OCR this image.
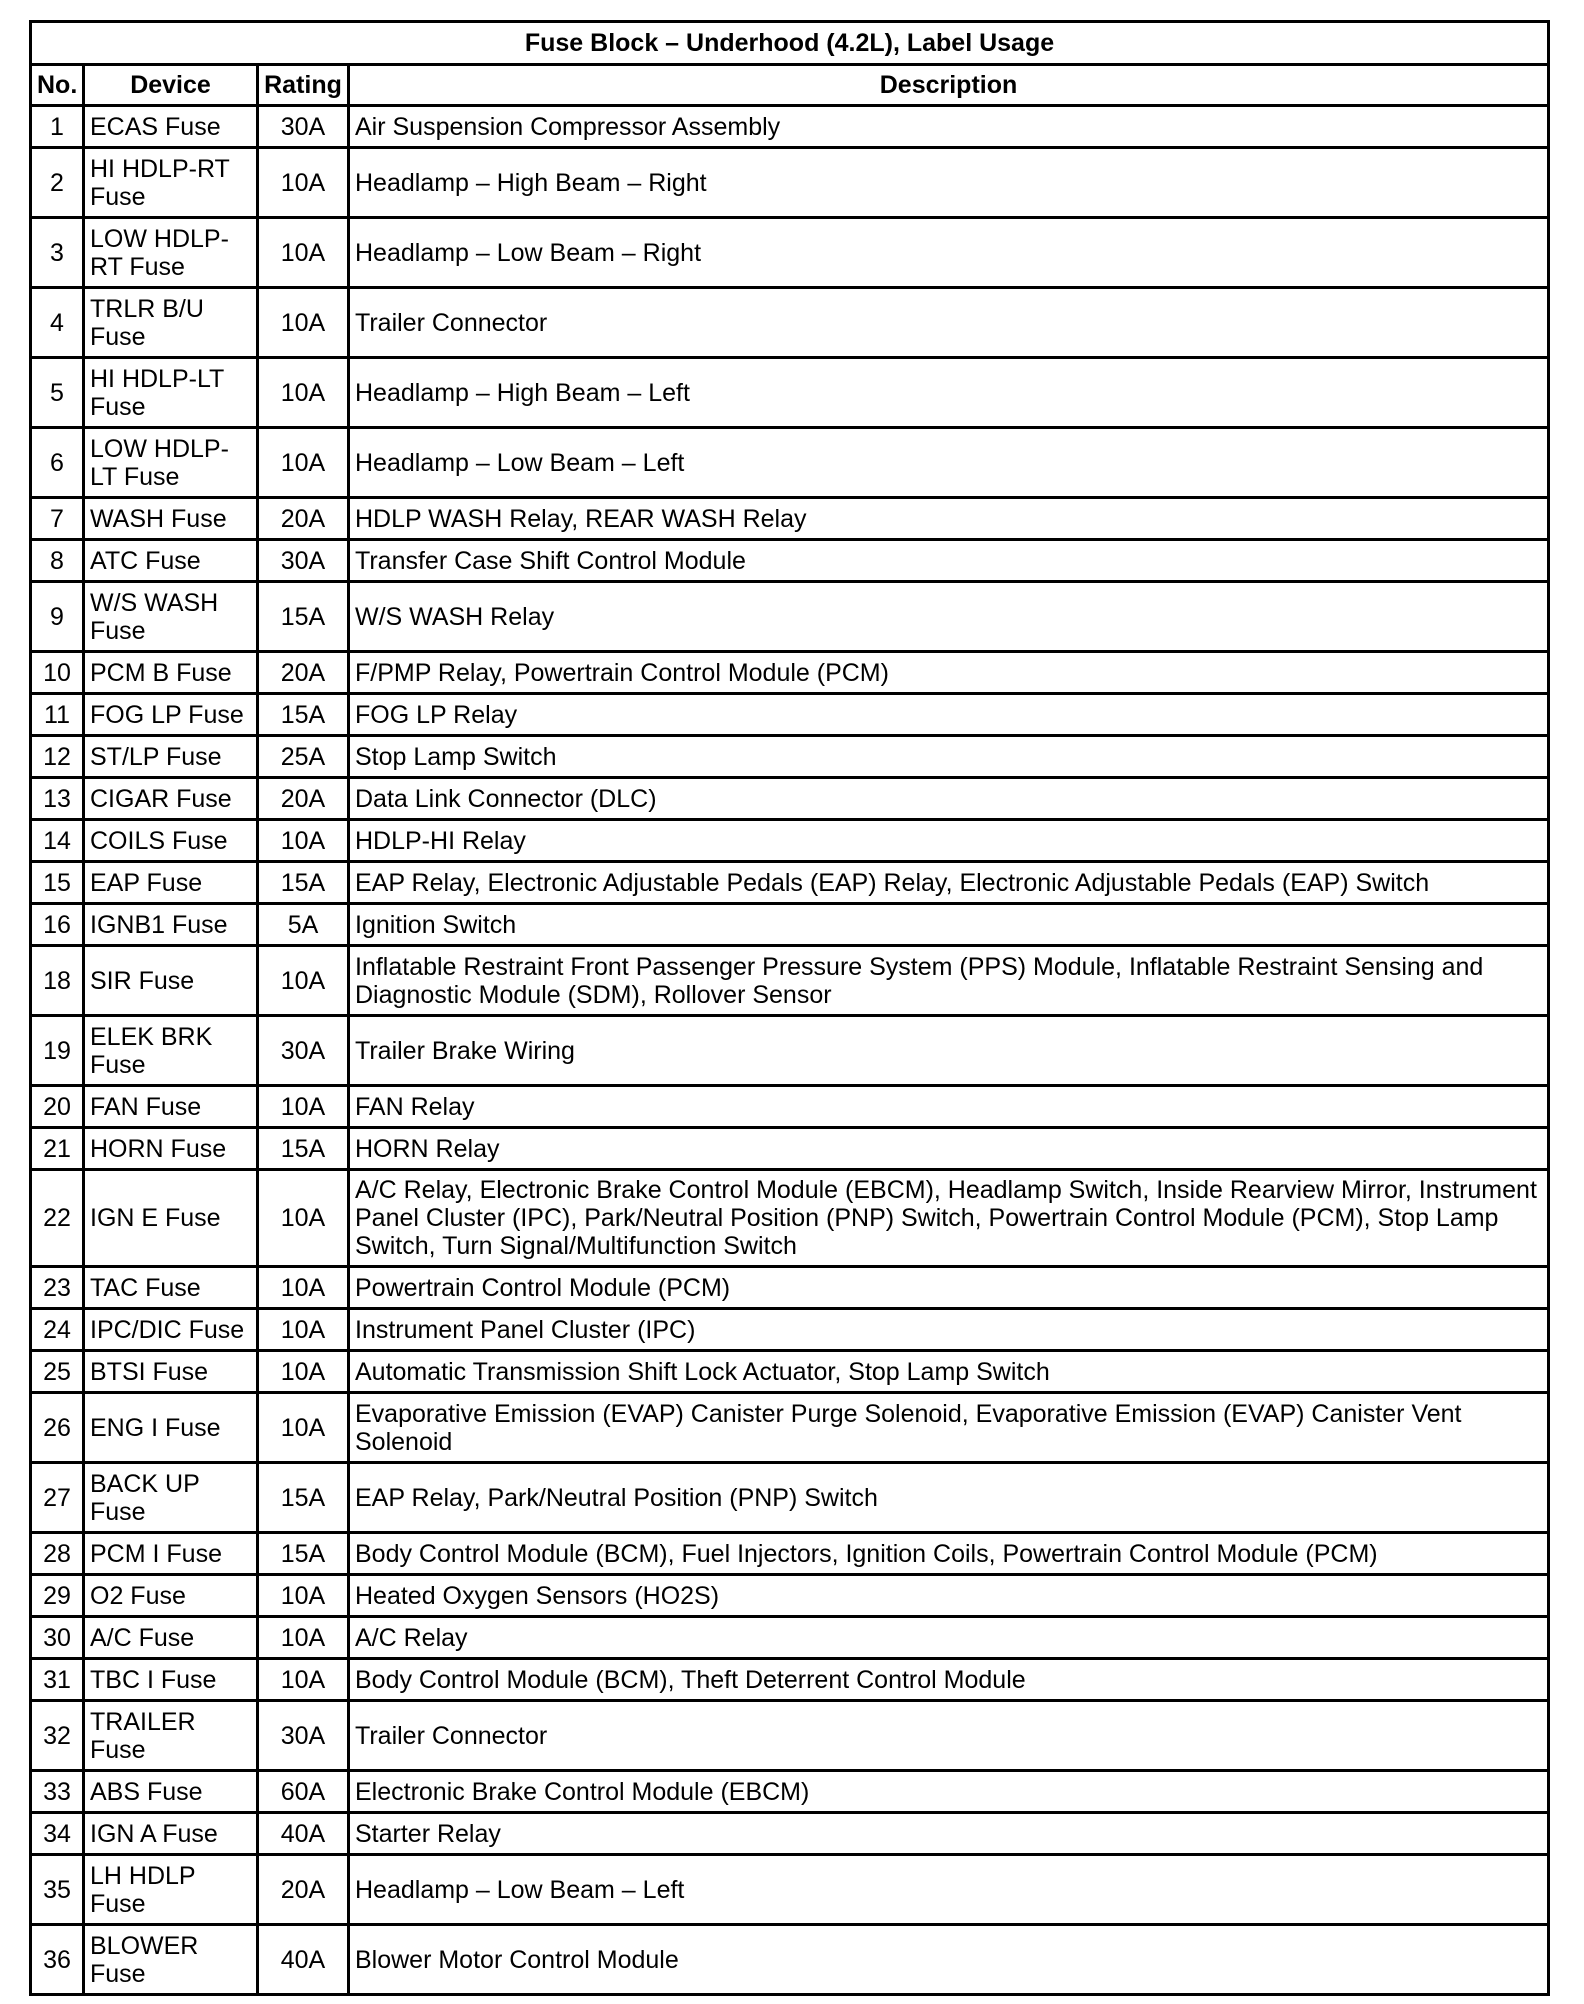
Fuse Block – Underhood (4.2L), Label Usage			
No.	Device	Rating	Description
1	ECAS Fuse	30A	Air Suspension Compressor Assembly
2	HI HDLP-RT Fuse	10A	Headlamp – High Beam – Right
3	LOW HDLP-RT Fuse	10A	Headlamp – Low Beam – Right
4	TRLR B/U Fuse	10A	Trailer Connector
5	HI HDLP-LT Fuse	10A	Headlamp – High Beam – Left
6	LOW HDLP-LT Fuse	10A	Headlamp – Low Beam – Left
7	WASH Fuse	20A	HDLP WASH Relay, REAR WASH Relay
8	ATC Fuse	30A	Transfer Case Shift Control Module
9	W/S WASH Fuse	15A	W/S WASH Relay
10	PCM B Fuse	20A	F/PMP Relay, Powertrain Control Module (PCM)
11	FOG LP Fuse	15A	FOG LP Relay
12	ST/LP Fuse	25A	Stop Lamp Switch
13	CIGAR Fuse	20A	Data Link Connector (DLC)
14	COILS Fuse	10A	HDLP-HI Relay
15	EAP Fuse	15A	EAP Relay, Electronic Adjustable Pedals (EAP) Relay, Electronic Adjustable Pedals (EAP) Switch
16	IGNB1 Fuse	5A	Ignition Switch
18	SIR Fuse	10A	Inflatable Restraint Front Passenger Pressure System (PPS) Module, Inflatable Restraint Sensing and Diagnostic Module (SDM), Rollover Sensor
19	ELEK BRK Fuse	30A	Trailer Brake Wiring
20	FAN Fuse	10A	FAN Relay
21	HORN Fuse	15A	HORN Relay
22	IGN E Fuse	10A	A/C Relay, Electronic Brake Control Module (EBCM), Headlamp Switch, Inside Rearview Mirror, Instrument Panel Cluster (IPC), Park/Neutral Position (PNP) Switch, Powertrain Control Module (PCM), Stop Lamp Switch, Turn Signal/Multifunction Switch
23	TAC Fuse	10A	Powertrain Control Module (PCM)
24	IPC/DIC Fuse	10A	Instrument Panel Cluster (IPC)
25	BTSI Fuse	10A	Automatic Transmission Shift Lock Actuator, Stop Lamp Switch
26	ENG I Fuse	10A	Evaporative Emission (EVAP) Canister Purge Solenoid, Evaporative Emission (EVAP) Canister Vent Solenoid
27	BACK UP Fuse	15A	EAP Relay, Park/Neutral Position (PNP) Switch
28	PCM I Fuse	15A	Body Control Module (BCM), Fuel Injectors, Ignition Coils, Powertrain Control Module (PCM)
29	O2 Fuse	10A	Heated Oxygen Sensors (HO2S)
30	A/C Fuse	10A	A/C Relay
31	TBC I Fuse	10A	Body Control Module (BCM), Theft Deterrent Control Module
32	TRAILER Fuse	30A	Trailer Connector
33	ABS Fuse	60A	Electronic Brake Control Module (EBCM)
34	IGN A Fuse	40A	Starter Relay
35	LH HDLP Fuse	20A	Headlamp – Low Beam – Left
36	BLOWER Fuse	40A	Blower Motor Control Module
